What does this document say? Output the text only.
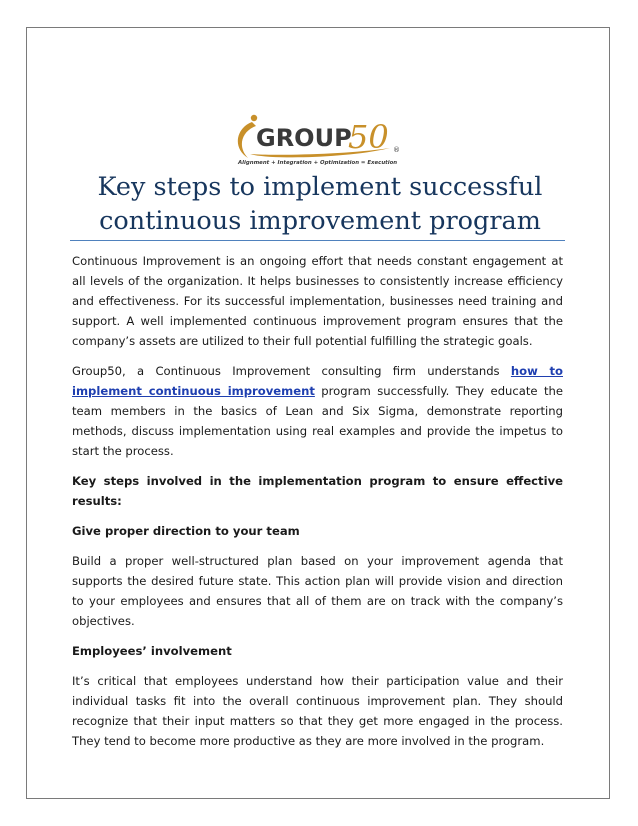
GROUP
50 ®
Alignment + Integration + Optimization = Execution
Key steps to implement successful
continuous improvement program

Continuous Improvement is an ongoing effort that needs constant engagement at all levels of the organization. It helps businesses to consistently increase efficiency and effectiveness. For its successful implementation, businesses need training and support. A well implemented continuous improvement program ensures that the company’s assets are utilized to their full potential fulfilling the strategic goals.

Group50, a Continuous Improvement consulting firm understands how to implement continuous improvement program successfully. They educate the team members in the basics of Lean and Six Sigma, demonstrate reporting methods, discuss implementation using real examples and provide the impetus to start the process.

Key steps involved in the implementation program to ensure effective results:

Give proper direction to your team

Build a proper well-structured plan based on your improvement agenda that supports the desired future state. This action plan will provide vision and direction to your employees and ensures that all of them are on track with the company’s objectives.

Employees’ involvement

It’s critical that employees understand how their participation value and their individual tasks fit into the overall continuous improvement plan. They should recognize that their input matters so that they get more engaged in the process. They tend to become more productive as they are more involved in the program.
